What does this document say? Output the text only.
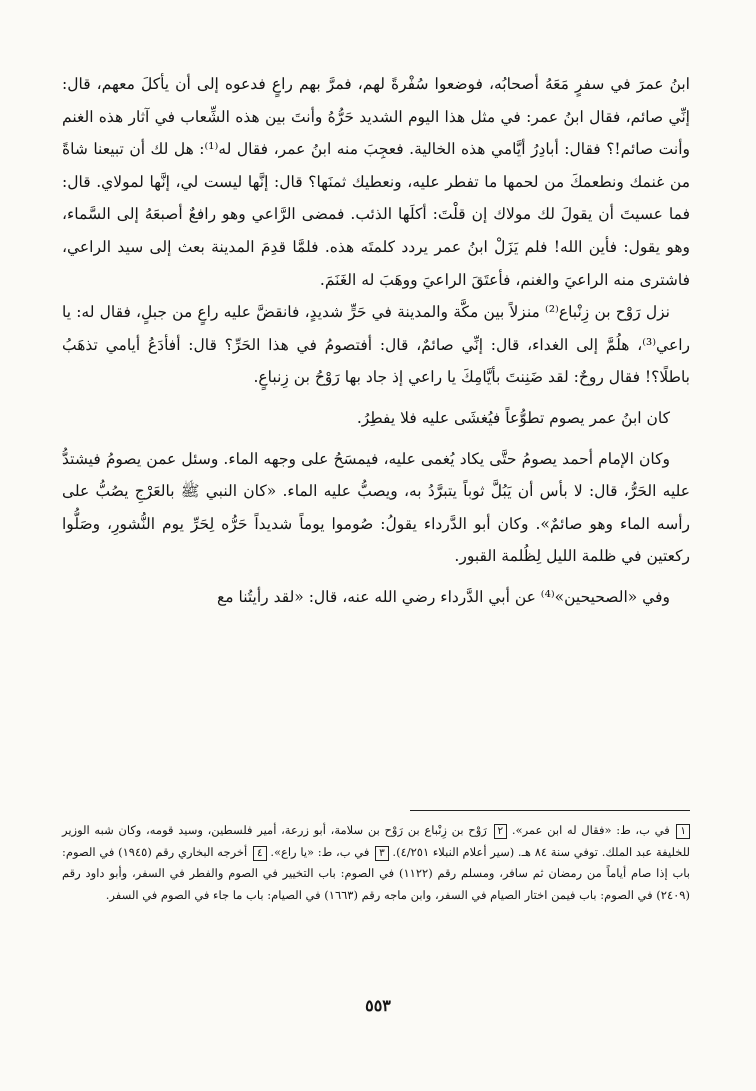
ابنُ عمرَ في سفرٍ مَعَهُ أصحابُه، فوضعوا سُفْرةً لهم، فمرَّ بهم راعٍ فدعوه إلى أن يأكلَ معهم، قال: إنِّي صائم، فقال ابنُ عمر: في مثل هذا اليوم الشديد حَرُّهُ وأنتَ بين هذه الشِّعاب في آثار هذه الغنم وأنت صائم!؟ فقال: أبادِرُ أيَّامي هذه الخالية. فعجِبَ منه ابنُ عمر، فقال له⁽¹⁾: هل لك أن تبيعنا شاةً من غنمك ونطعمكَ من لحمها ما تفطر عليه، ونعطيك ثمنَها؟ قال: إنَّها ليست لي، إنَّها لمولاي. قال: فما عسيتَ أن يقولَ لك مولاك إن قلْتَ: أكلَها الذئب. فمضى الرَّاعي وهو رافعٌ أصبعَهُ إلى السَّماء، وهو يقول: فأين الله! فلم يَزَلْ ابنُ عمر يردد كلمتَه هذه. فلمَّا قدِمَ المدينة بعث إلى سيد الراعي، فاشترى منه الراعيَ والغنم، فأعتَقَ الراعيَ ووهَبَ له الغَنَمَ.

نزل رَوْح بن زِنْباع⁽²⁾ منزلاً بين مكَّة والمدينة في حَرٍّ شديدٍ، فانقضَّ عليه راعٍ من جبلٍ، فقال له: يا راعي⁽³⁾، هلُمَّ إلى الغداء، قال: إنِّي صائمٌ، قال: أفتصومُ في هذا الحَرِّ؟ قال: أفأدَعُ أيامي تذهَبُ باطلًا؟! فقال روحٌ: لقد ضَنِنتَ بأيَّامِكَ يا راعي إذ جاد بها رَوْحُ بن زِنباعٍ.

كان ابنُ عمر يصوم تطوُّعاً فيُغشَى عليه فلا يفطِرُ.

وكان الإمام أحمد يصومُ حتَّى يكاد يُغمى عليه، فيمسَحُ على وجهه الماء. وسئل عمن يصومُ فيشتدُّ عليه الحَرُّ، قال: لا بأس أن يَبُلَّ ثوباً يتبرَّدُ به، ويصبُّ عليه الماء. «كان النبي ﷺ بالعَرْجِ يصُبُّ على رأسه الماء وهو صائمٌ». وكان أبو الدَّرداء يقولُ: صُوموا يوماً شديداً حَرُّه لِحَرِّ يوم النُّشورِ، وصَلُّوا ركعتين في ظلمة الليل لِظُلمة القبور.

وفي «الصحيحين»⁽⁴⁾ عن أبي الدَّرداء رضي الله عنه، قال: «لقد رأيتُنا مع

١ في ب، ط: «فقال له ابن عمر». ٢ رَوْح بن زِنْباع بن رَوْح بن سلامة، أبو زرعة، أمير فلسطين، وسيد قومه، وكان شبه الوزير للخليفة عبد الملك. توفي سنة ٨٤ هـ. (سير أعلام النبلاء ٤/٢٥١). ٣ في ب، ط: «يا راع». ٤ أخرجه البخاري رقم (١٩٤٥) في الصوم: باب إذا صام أياماً من رمضان ثم سافر، ومسلم رقم (١١٢٢) في الصوم: باب التخيير في الصوم والفطر في السفر، وأبو داود رقم (٢٤٠٩) في الصوم: باب فيمن اختار الصيام في السفر، وابن ماجه رقم (١٦٦٣) في الصيام: باب ما جاء في الصوم في السفر.

٥٥٣
